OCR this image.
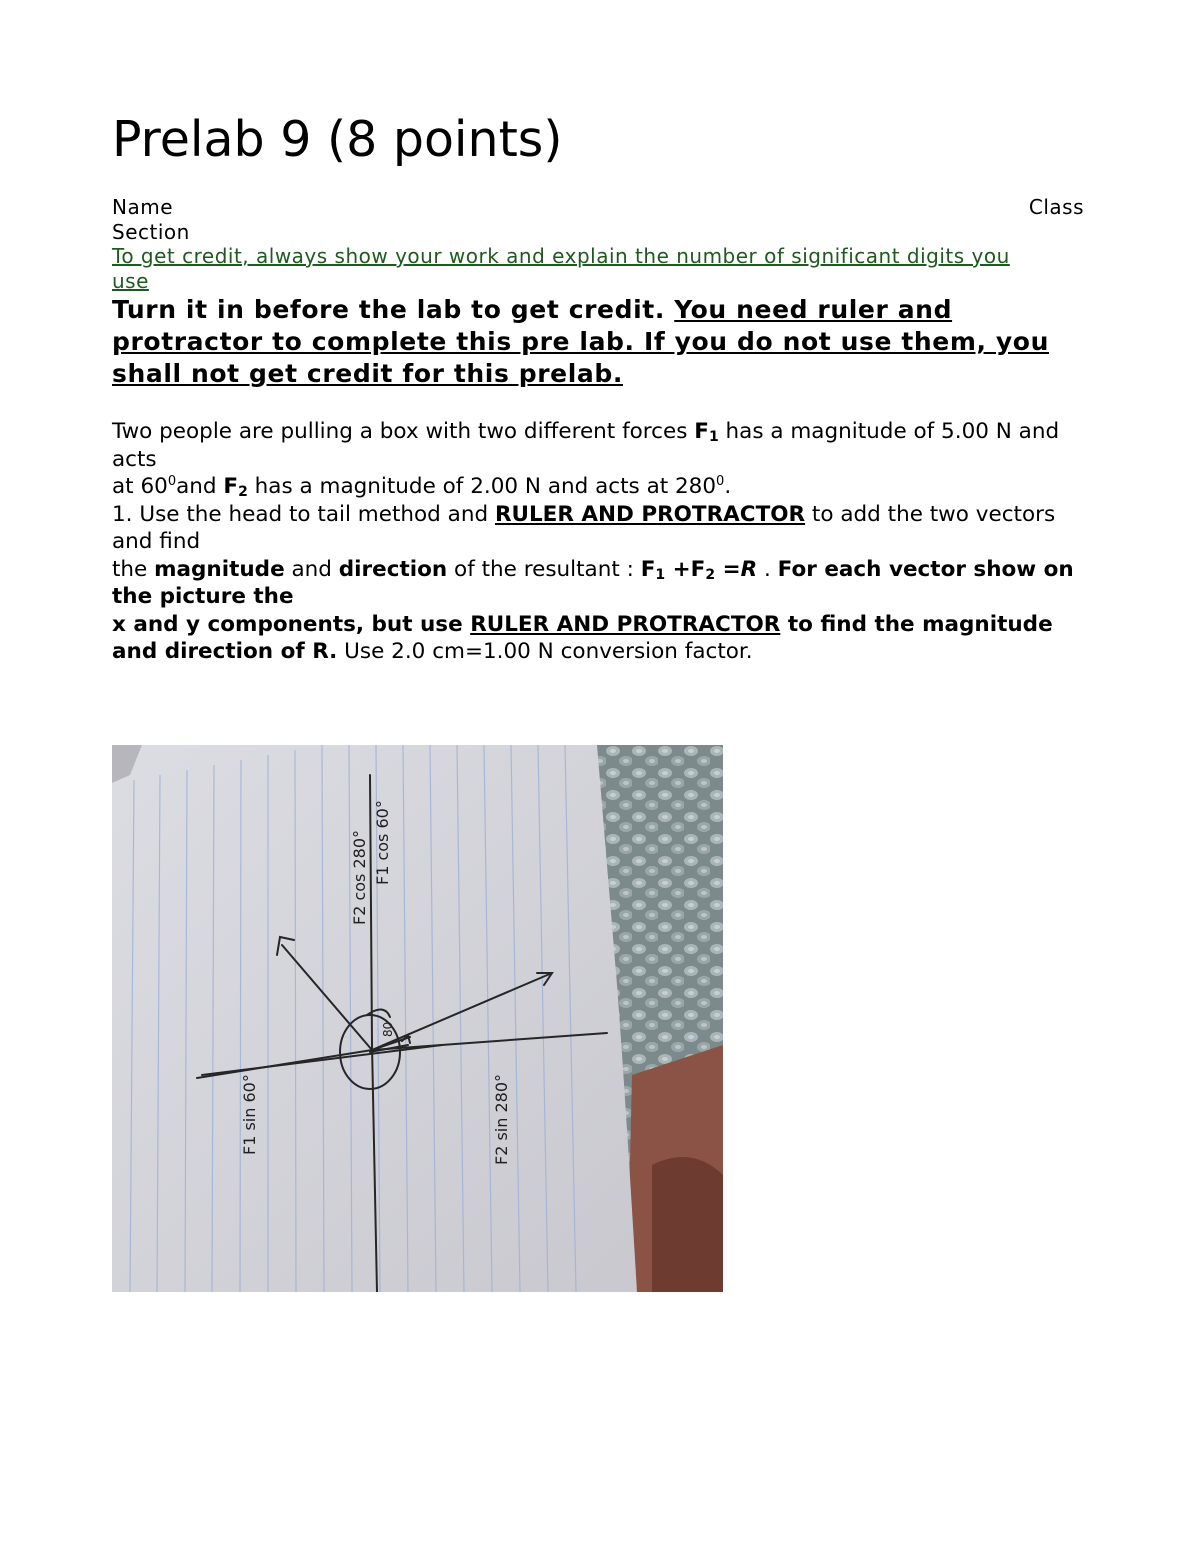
Prelab 9 (8 points)
Name	Class
Section
To get credit, always show your work and explain the number of significant digits you use
Turn it in before the lab to get credit. You need ruler and protractor to complete this pre lab. If you do not use them, you shall not get credit for this prelab.

Two people are pulling a box with two different forces $F_1$ has a magnitude of 5.00 N and acts

at $60^0and$ $F_2$ has a magnitude of 2.00 N and acts at $280^0$.

1. Use the head to tail method and RULER AND PROTRACTOR to add the two vectors and find

the magnitude and direction of the resultant : $F_1 +F_2 =R$ . For each vector show on the picture the

x and y components, but use RULER AND PROTRACTOR to find the magnitude and direction of R. Use 2.0 cm=1.00 N conversion factor.

F2 cos 280° F1 cos 60°
F1 sin 60°	F2 sin 280°
80
